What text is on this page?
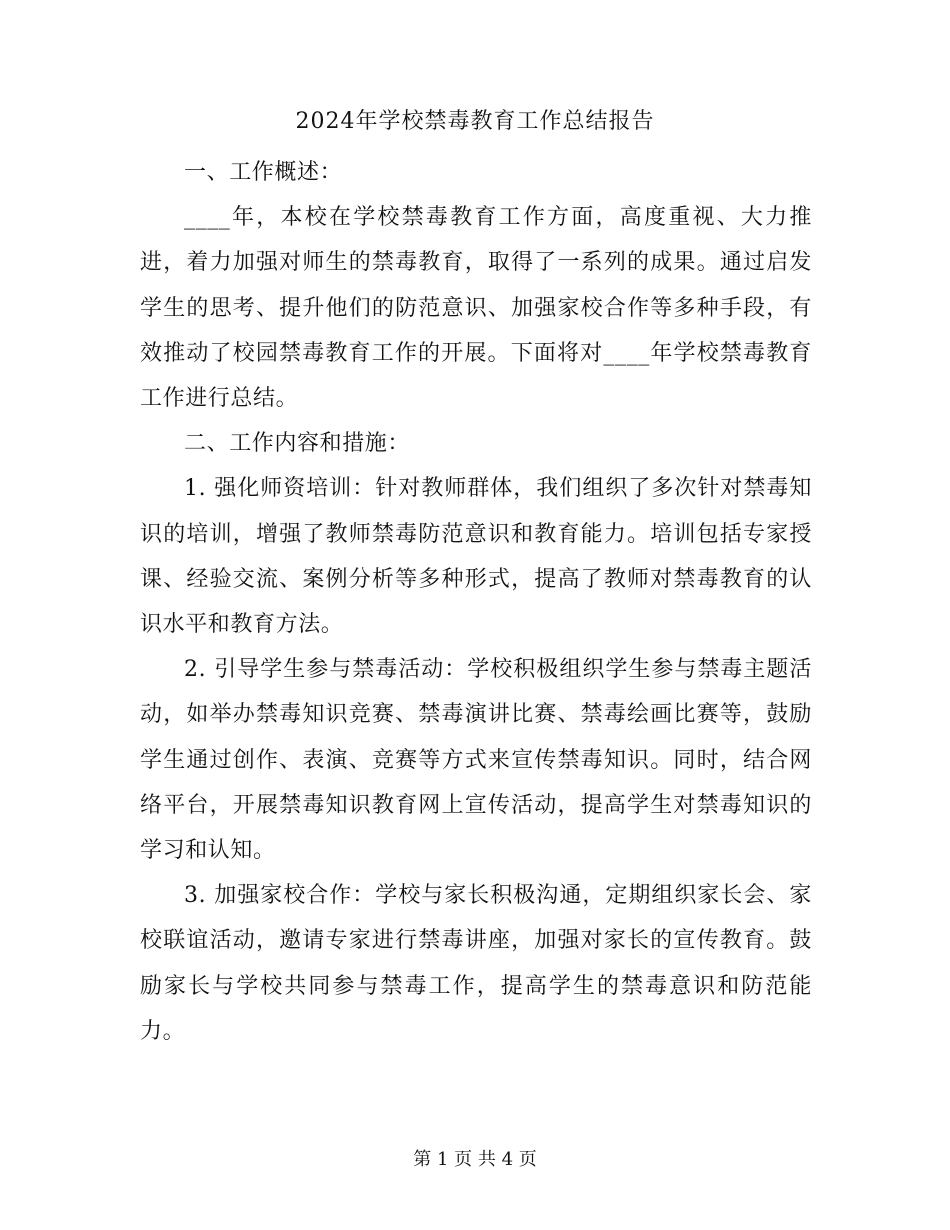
2024年学校禁毒教育工作总结报告

一、工作概述：

____年，本校在学校禁毒教育工作方面，高度重视、大力推进，着力加强对师生的禁毒教育，取得了一系列的成果。通过启发学生的思考、提升他们的防范意识、加强家校合作等多种手段，有效推动了校园禁毒教育工作的开展。下面将对____年学校禁毒教育工作进行总结。

二、工作内容和措施：

1. 强化师资培训：针对教师群体，我们组织了多次针对禁毒知识的培训，增强了教师禁毒防范意识和教育能力。培训包括专家授课、经验交流、案例分析等多种形式，提高了教师对禁毒教育的认识水平和教育方法。

2. 引导学生参与禁毒活动：学校积极组织学生参与禁毒主题活动，如举办禁毒知识竞赛、禁毒演讲比赛、禁毒绘画比赛等，鼓励学生通过创作、表演、竞赛等方式来宣传禁毒知识。同时，结合网络平台，开展禁毒知识教育网上宣传活动，提高学生对禁毒知识的学习和认知。

3. 加强家校合作：学校与家长积极沟通，定期组织家长会、家校联谊活动，邀请专家进行禁毒讲座，加强对家长的宣传教育。鼓励家长与学校共同参与禁毒工作，提高学生的禁毒意识和防范能力。

第 1 页 共 4 页
